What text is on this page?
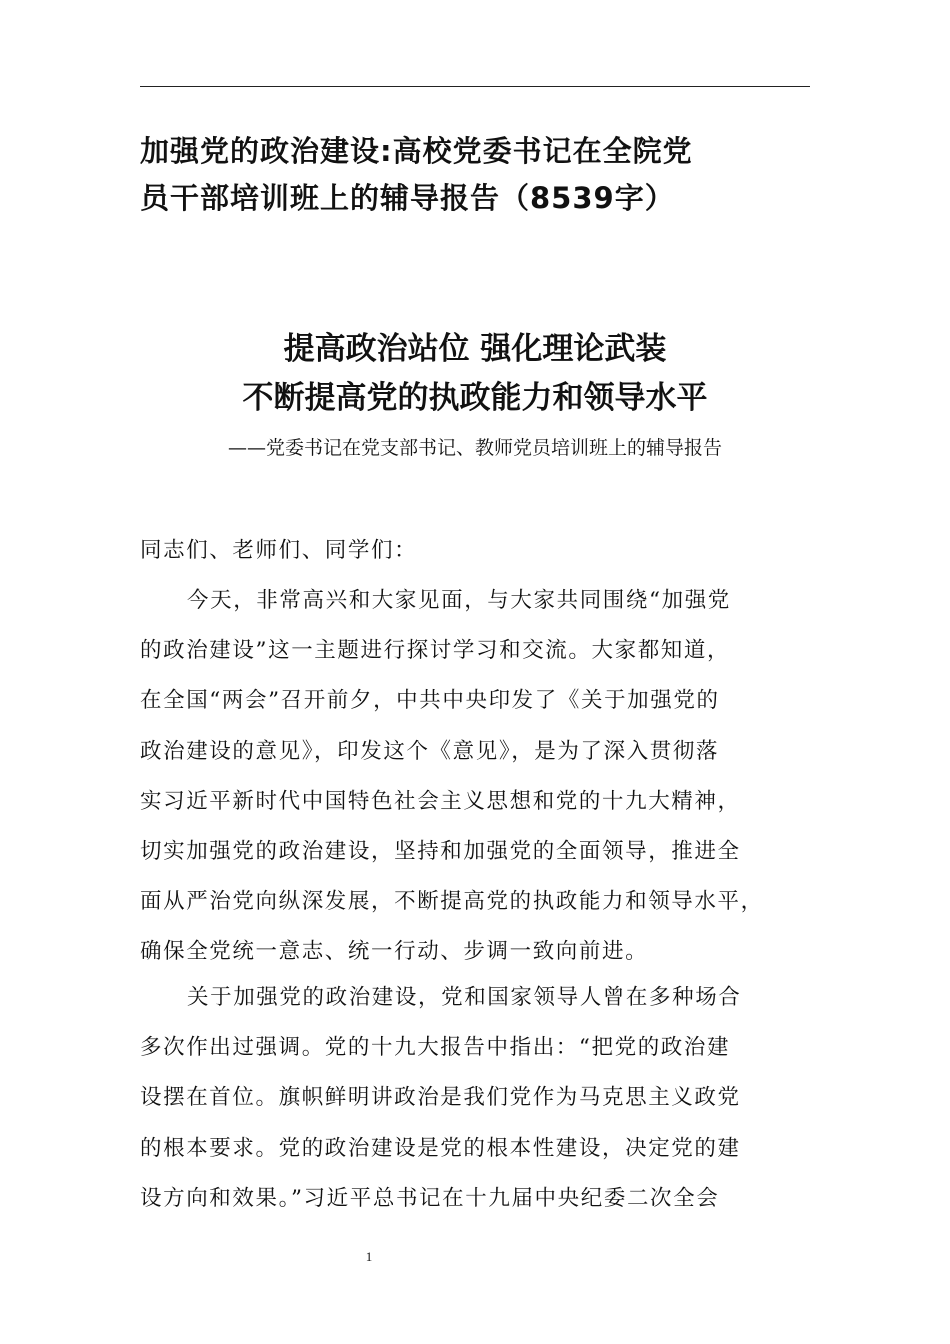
加强党的政治建设:高校党委书记在全院党
员干部培训班上的辅导报告（8539字）
提高政治站位 强化理论武装
不断提高党的执政能力和领导水平

——党委书记在党支部书记、教师党员培训班上的辅导报告

同志们、老师们、同学们：

今天，非常高兴和大家见面，与大家共同围绕“加强党
的政治建设”这一主题进行探讨学习和交流。大家都知道，
在全国“两会”召开前夕，中共中央印发了《关于加强党的
政治建设的意见》，印发这个《意见》，是为了深入贯彻落
实习近平新时代中国特色社会主义思想和党的十九大精神，
切实加强党的政治建设，坚持和加强党的全面领导，推进全
面从严治党向纵深发展，不断提高党的执政能力和领导水平，
确保全党统一意志、统一行动、步调一致向前进。

关于加强党的政治建设，党和国家领导人曾在多种场合
多次作出过强调。党的十九大报告中指出：“把党的政治建
设摆在首位。旗帜鲜明讲政治是我们党作为马克思主义政党
的根本要求。党的政治建设是党的根本性建设，决定党的建
设方向和效果。”习近平总书记在十九届中央纪委二次全会

1
